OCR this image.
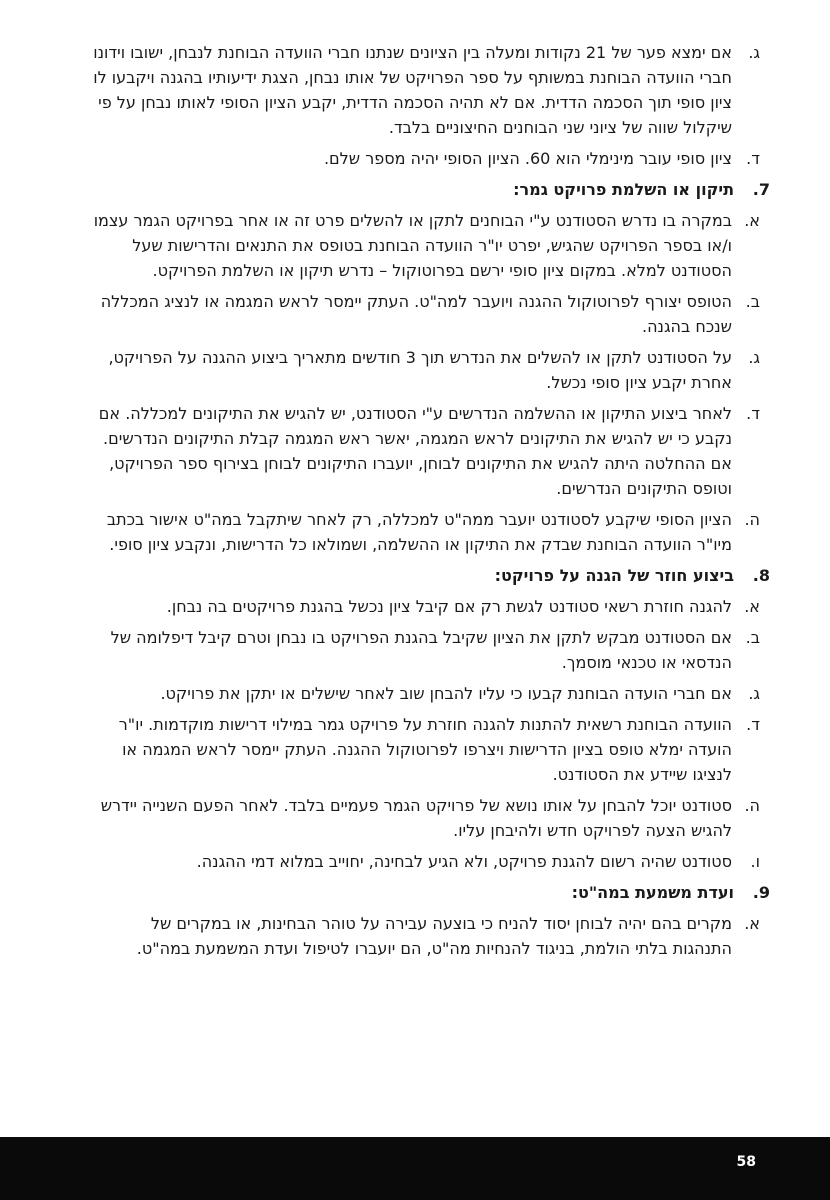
ג.
אם ימצא פער של 21 נקודות ומעלה בין הציונים שנתנו חברי הוועדה הבוחנת לנבחן, ישובו וידונו חברי הוועדה הבוחנת במשותף על ספר הפרויקט של אותו נבחן, הצגת ידיעותיו בהגנה ויקבעו לו ציון סופי תוך הסכמה הדדית. אם לא תהיה הסכמה הדדית, יקבע הציון הסופי לאותו נבחן על פי שיקלול שווה של ציוני שני הבוחנים החיצוניים בלבד.
ד.
ציון סופי עובר מינימלי הוא 60. הציון הסופי יהיה מספר שלם.
7.
תיקון או השלמת פרויקט גמר:
א.
במקרה בו נדרש הסטודנט ע"י הבוחנים לתקן או להשלים פרט זה או אחר בפרויקט הגמר עצמו ו/או בספר הפרויקט שהגיש, יפרט יו"ר הוועדה הבוחנת בטופס את התנאים והדרישות שעל הסטודנט למלא. במקום ציון סופי ירשם בפרוטוקול – נדרש תיקון או השלמת הפרויקט.
ב.
הטופס יצורף לפרוטוקול ההגנה ויועבר למה"ט. העתק יימסר לראש המגמה או לנציג המכללה שנכח בהגנה.
ג.
על הסטודנט לתקן או להשלים את הנדרש תוך 3 חודשים מתאריך ביצוע ההגנה על הפרויקט, אחרת יקבע ציון סופי נכשל.
ד.
לאחר ביצוע התיקון או ההשלמה הנדרשים ע"י הסטודנט, יש להגיש את התיקונים למכללה. אם נקבע כי יש להגיש את התיקונים לראש המגמה, יאשר ראש המגמה קבלת התיקונים הנדרשים. אם ההחלטה היתה להגיש את התיקונים לבוחן, יועברו התיקונים לבוחן בצירוף ספר הפרויקט, וטופס התיקונים הנדרשים.
ה.
הציון הסופי שיקבע לסטודנט יועבר ממה"ט למכללה, רק לאחר שיתקבל במה"ט אישור בכתב מיו"ר הוועדה הבוחנת שבדק את התיקון או ההשלמה, ושמולאו כל הדרישות, ונקבע ציון סופי.
8.
ביצוע חוזר של הגנה על פרויקט:
א.
להגנה חוזרת רשאי סטודנט לגשת רק אם קיבל ציון נכשל בהגנת פרויקטים בה נבחן.
ב.
אם הסטודנט מבקש לתקן את הציון שקיבל בהגנת הפרויקט בו נבחן וטרם קיבל דיפלומה של הנדסאי או טכנאי מוסמך.
ג.
אם חברי הועדה הבוחנת קבעו כי עליו להבחן שוב לאחר שישלים או יתקן את פרויקט.
ד.
הוועדה הבוחנת רשאית להתנות להגנה חוזרת על פרויקט גמר במילוי דרישות מוקדמות. יו"ר הועדה ימלא טופס בציון הדרישות ויצרפו לפרוטוקול ההגנה. העתק יימסר לראש המגמה או לנציגו שיידע את הסטודנט.
ה.
סטודנט יוכל להבחן על אותו נושא של פרויקט הגמר פעמיים בלבד. לאחר הפעם השנייה יידרש להגיש הצעה לפרויקט חדש ולהיבחן עליו.
ו.
סטודנט שהיה רשום להגנת פרויקט, ולא הגיע לבחינה, יחוייב במלוא דמי ההגנה.
9.
ועדת משמעת במה"ט:
א.
מקרים בהם יהיה לבוחן יסוד להניח כי בוצעה עבירה על טוהר הבחינות, או במקרים של התנהגות בלתי הולמת, בניגוד להנחיות מה"ט, הם יועברו לטיפול ועדת המשמעת במה"ט.
58
